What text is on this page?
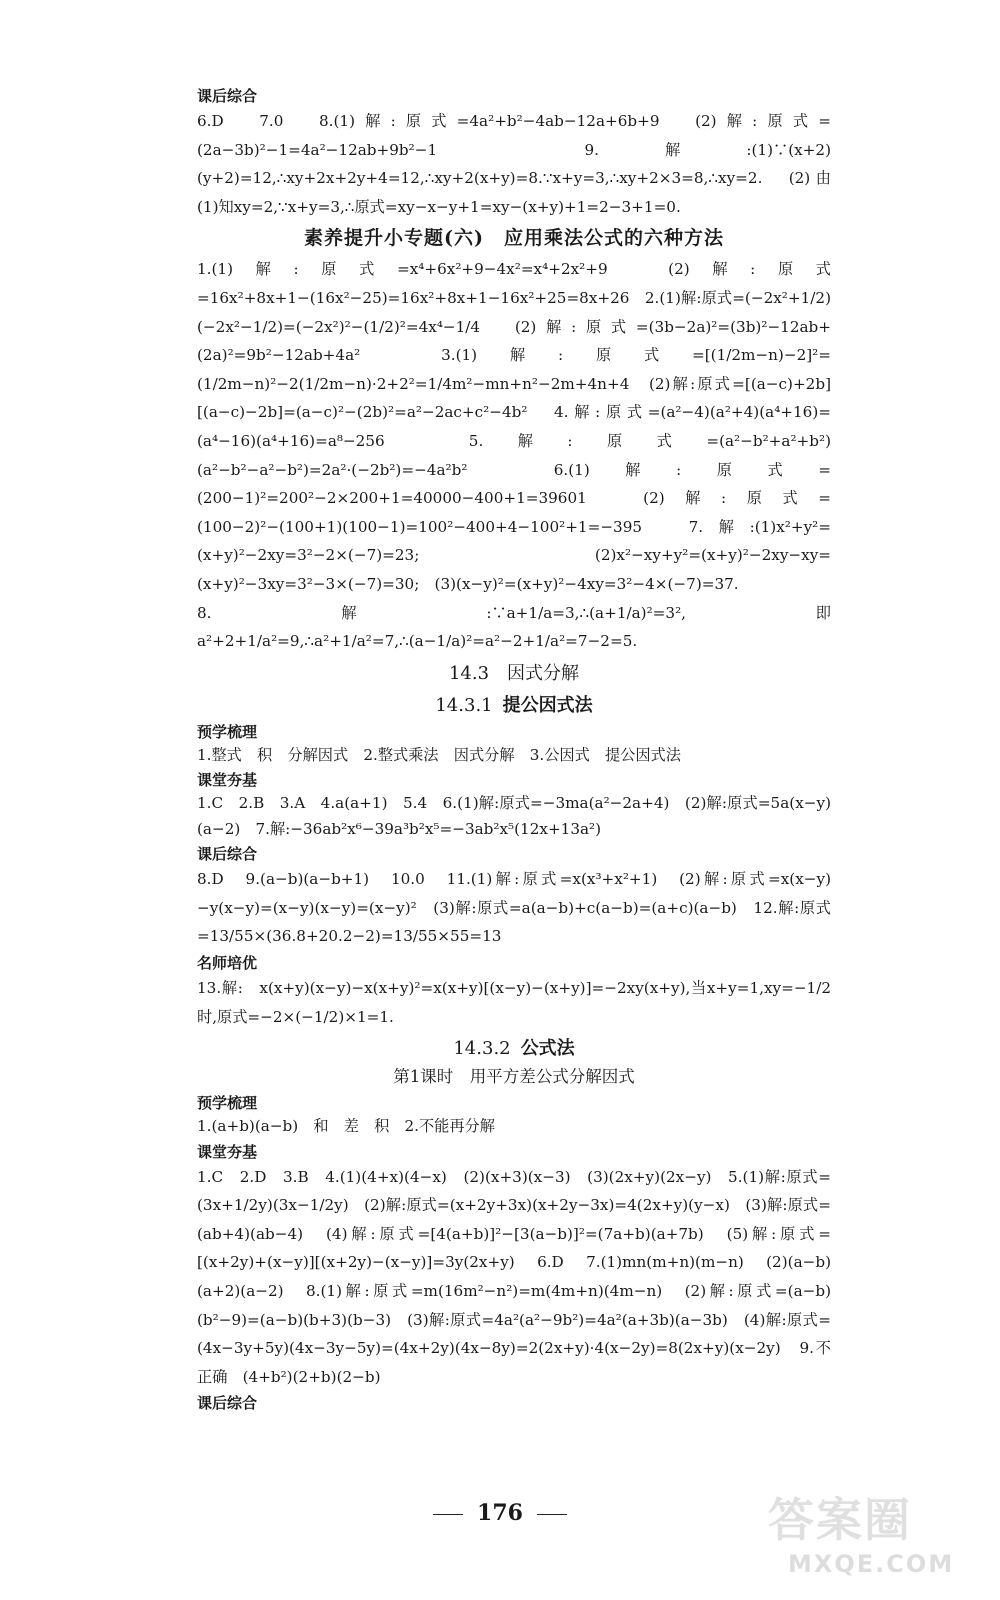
课后综合

6.D　7.0　8.(1)解:原式=4a²+b²−4ab−12a+6b+9　(2)解:原式=(2a−3b)²−1=4a²−12ab+9b²−1　9.解:(1)∵(x+2)(y+2)=12,∴xy+2x+2y+4=12,∴xy+2(x+y)=8.∵x+y=3,∴xy+2×3=8,∴xy=2.　(2)由(1)知xy=2,∵x+y=3,∴原式=xy−x−y+1=xy−(x+y)+1=2−3+1=0.

素养提升小专题(六)　应用乘法公式的六种方法

1.(1)解:原式=x⁴+6x²+9−4x²=x⁴+2x²+9　(2)解:原式=16x²+8x+1−(16x²−25)=16x²+8x+1−16x²+25=8x+26　2.(1)解:原式=(−2x²+1/2)(−2x²−1/2)=(−2x²)²−(1/2)²=4x⁴−1/4　(2)解:原式=(3b−2a)²=(3b)²−12ab+(2a)²=9b²−12ab+4a²　3.(1)解:原式=[(1/2m−n)−2]²=(1/2m−n)²−2(1/2m−n)·2+2²=1/4m²−mn+n²−2m+4n+4　(2)解:原式=[(a−c)+2b][(a−c)−2b]=(a−c)²−(2b)²=a²−2ac+c²−4b²　4.解:原式=(a²−4)(a²+4)(a⁴+16)=(a⁴−16)(a⁴+16)=a⁸−256　5.解:原式=(a²−b²+a²+b²)(a²−b²−a²−b²)=2a²·(−2b²)=−4a²b²　6.(1)解:原式=(200−1)²=200²−2×200+1=40000−400+1=39601　(2)解:原式=(100−2)²−(100+1)(100−1)=100²−400+4−100²+1=−395　7.解:(1)x²+y²=(x+y)²−2xy=3²−2×(−7)=23;　(2)x²−xy+y²=(x+y)²−2xy−xy=(x+y)²−3xy=3²−3×(−7)=30;　(3)(x−y)²=(x+y)²−4xy=3²−4×(−7)=37.

8.解:∵a+1/a=3,∴(a+1/a)²=3²,即a²+2+1/a²=9,∴a²+1/a²=7,∴(a−1/a)²=a²−2+1/a²=7−2=5.

14.3　因式分解
14.3.1 提公因式法
预学梳理

1.整式　积　分解因式　2.整式乘法　因式分解　3.公因式　提公因式法

课堂夯基

1.C　2.B　3.A　4.a(a+1)　5.4　6.(1)解:原式=−3ma(a²−2a+4)　(2)解:原式=5a(x−y)(a−2)　7.解:−36ab²x⁶−39a³b²x⁵=−3ab²x⁵(12x+13a²)

课后综合

8.D　9.(a−b)(a−b+1)　10.0　11.(1)解:原式=x(x³+x²+1)　(2)解:原式=x(x−y)−y(x−y)=(x−y)(x−y)=(x−y)²　(3)解:原式=a(a−b)+c(a−b)=(a+c)(a−b)　12.解:原式=13/55×(36.8+20.2−2)=13/55×55=13

名师培优

13.解:　x(x+y)(x−y)−x(x+y)²=x(x+y)[(x−y)−(x+y)]=−2xy(x+y),当x+y=1,xy=−1/2时,原式=−2×(−1/2)×1=1.

14.3.2 公式法
第1课时　用平方差公式分解因式
预学梳理

1.(a+b)(a−b)　和　差　积　2.不能再分解

课堂夯基

1.C　2.D　3.B　4.(1)(4+x)(4−x)　(2)(x+3)(x−3)　(3)(2x+y)(2x−y)　5.(1)解:原式=(3x+1/2y)(3x−1/2y)　(2)解:原式=(x+2y+3x)(x+2y−3x)=4(2x+y)(y−x)　(3)解:原式=(ab+4)(ab−4)　(4)解:原式=[4(a+b)]²−[3(a−b)]²=(7a+b)(a+7b)　(5)解:原式=[(x+2y)+(x−y)][(x+2y)−(x−y)]=3y(2x+y)　6.D　7.(1)mn(m+n)(m−n)　(2)(a−b)(a+2)(a−2)　8.(1)解:原式=m(16m²−n²)=m(4m+n)(4m−n)　(2)解:原式=(a−b)(b²−9)=(a−b)(b+3)(b−3)　(3)解:原式=4a²(a²−9b²)=4a²(a+3b)(a−3b)　(4)解:原式=(4x−3y+5y)(4x−3y−5y)=(4x+2y)(4x−8y)=2(2x+y)·4(x−2y)=8(2x+y)(x−2y)　9.不正确　(4+b²)(2+b)(2−b)

课后综合
176	答案圈
MXQE.COM
